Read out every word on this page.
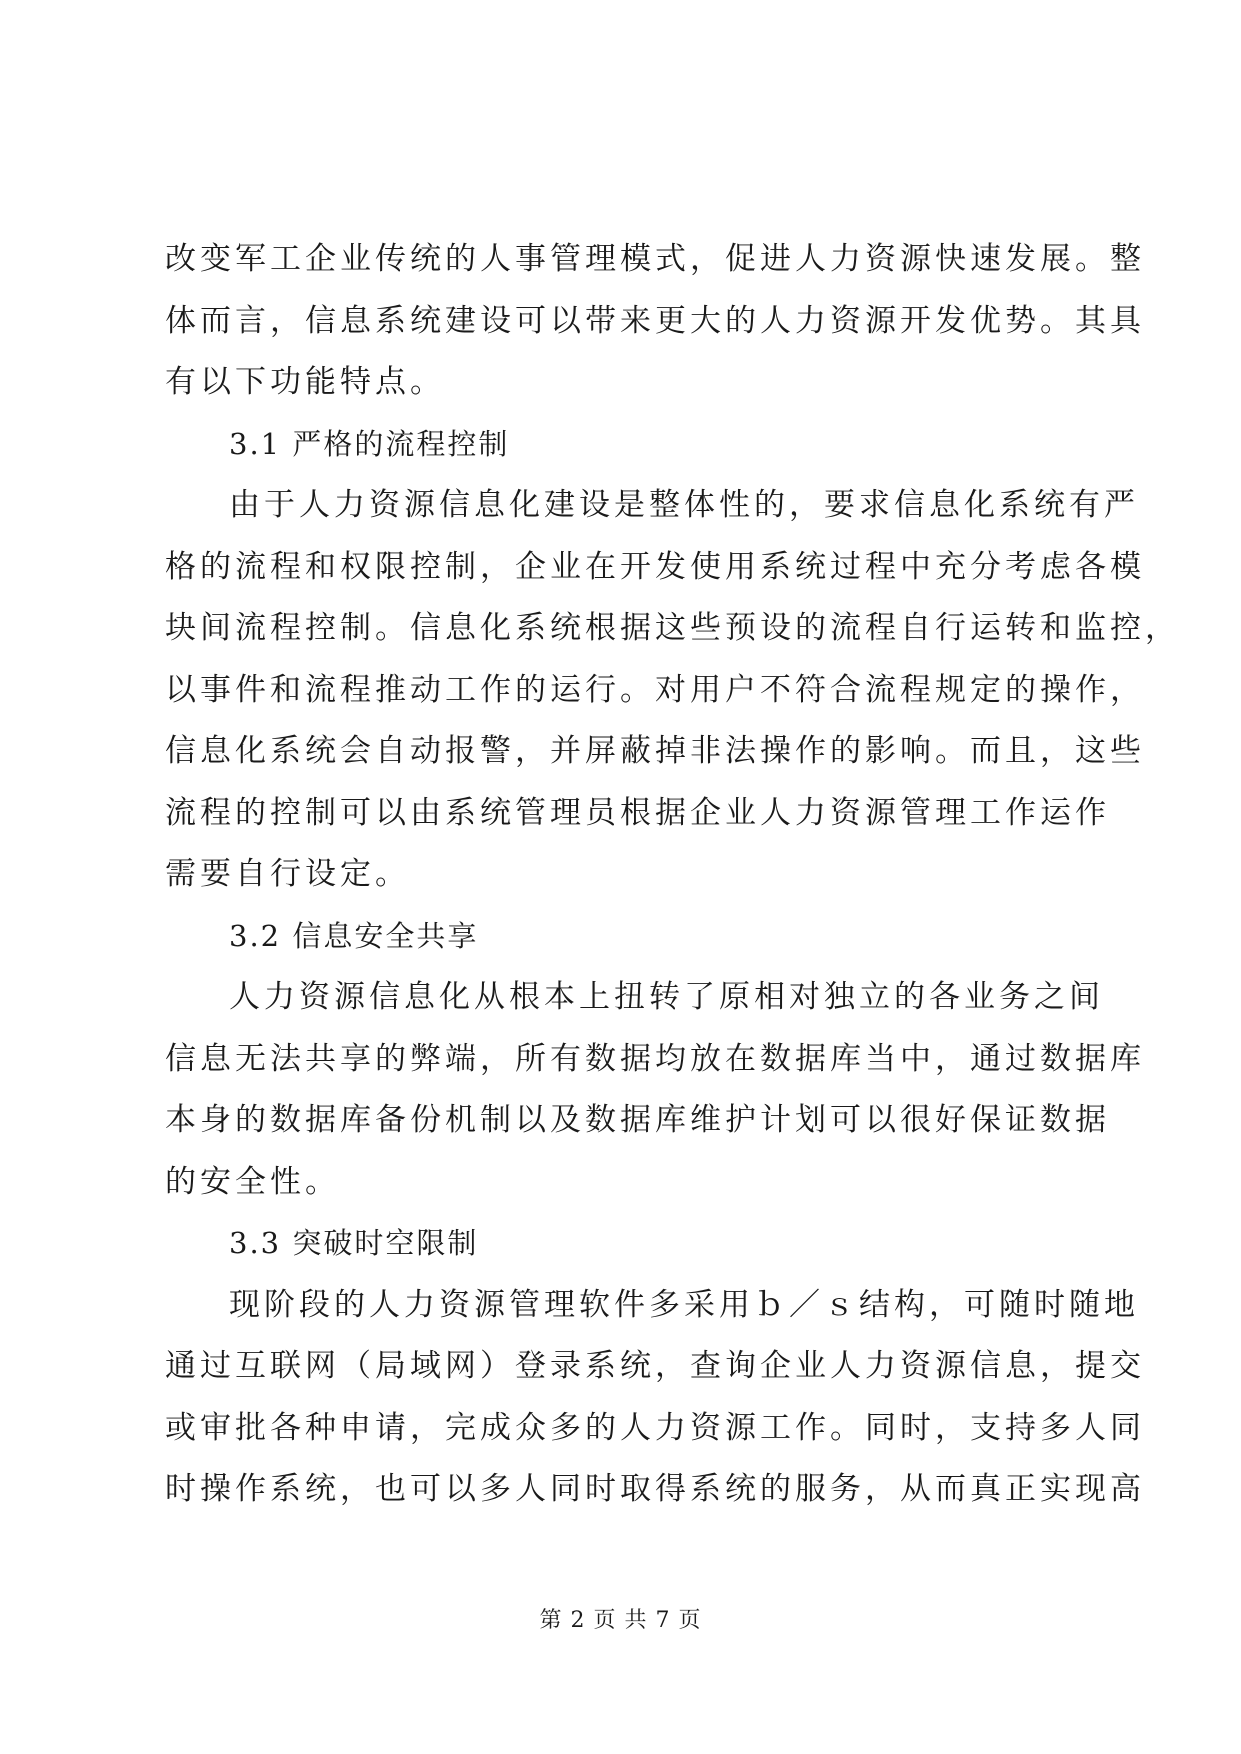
改变军工企业传统的人事管理模式，促进人力资源快速发展。整
体而言，信息系统建设可以带来更大的人力资源开发优势。其具
有以下功能特点。

3.1 严格的流程控制

由于人力资源信息化建设是整体性的，要求信息化系统有严
格的流程和权限控制，企业在开发使用系统过程中充分考虑各模
块间流程控制。信息化系统根据这些预设的流程自行运转和监控，
以事件和流程推动工作的运行。对用户不符合流程规定的操作，
信息化系统会自动报警，并屏蔽掉非法操作的影响。而且，这些
流程的控制可以由系统管理员根据企业人力资源管理工作运作
需要自行设定。

3.2 信息安全共享

人力资源信息化从根本上扭转了原相对独立的各业务之间
信息无法共享的弊端，所有数据均放在数据库当中，通过数据库
本身的数据库备份机制以及数据库维护计划可以很好保证数据
的安全性。

3.3 突破时空限制

现阶段的人力资源管理软件多采用ｂ／ｓ结构，可随时随地
通过互联网（局域网）登录系统，查询企业人力资源信息，提交
或审批各种申请，完成众多的人力资源工作。同时，支持多人同
时操作系统，也可以多人同时取得系统的服务，从而真正实现高

第 2 页 共 7 页
